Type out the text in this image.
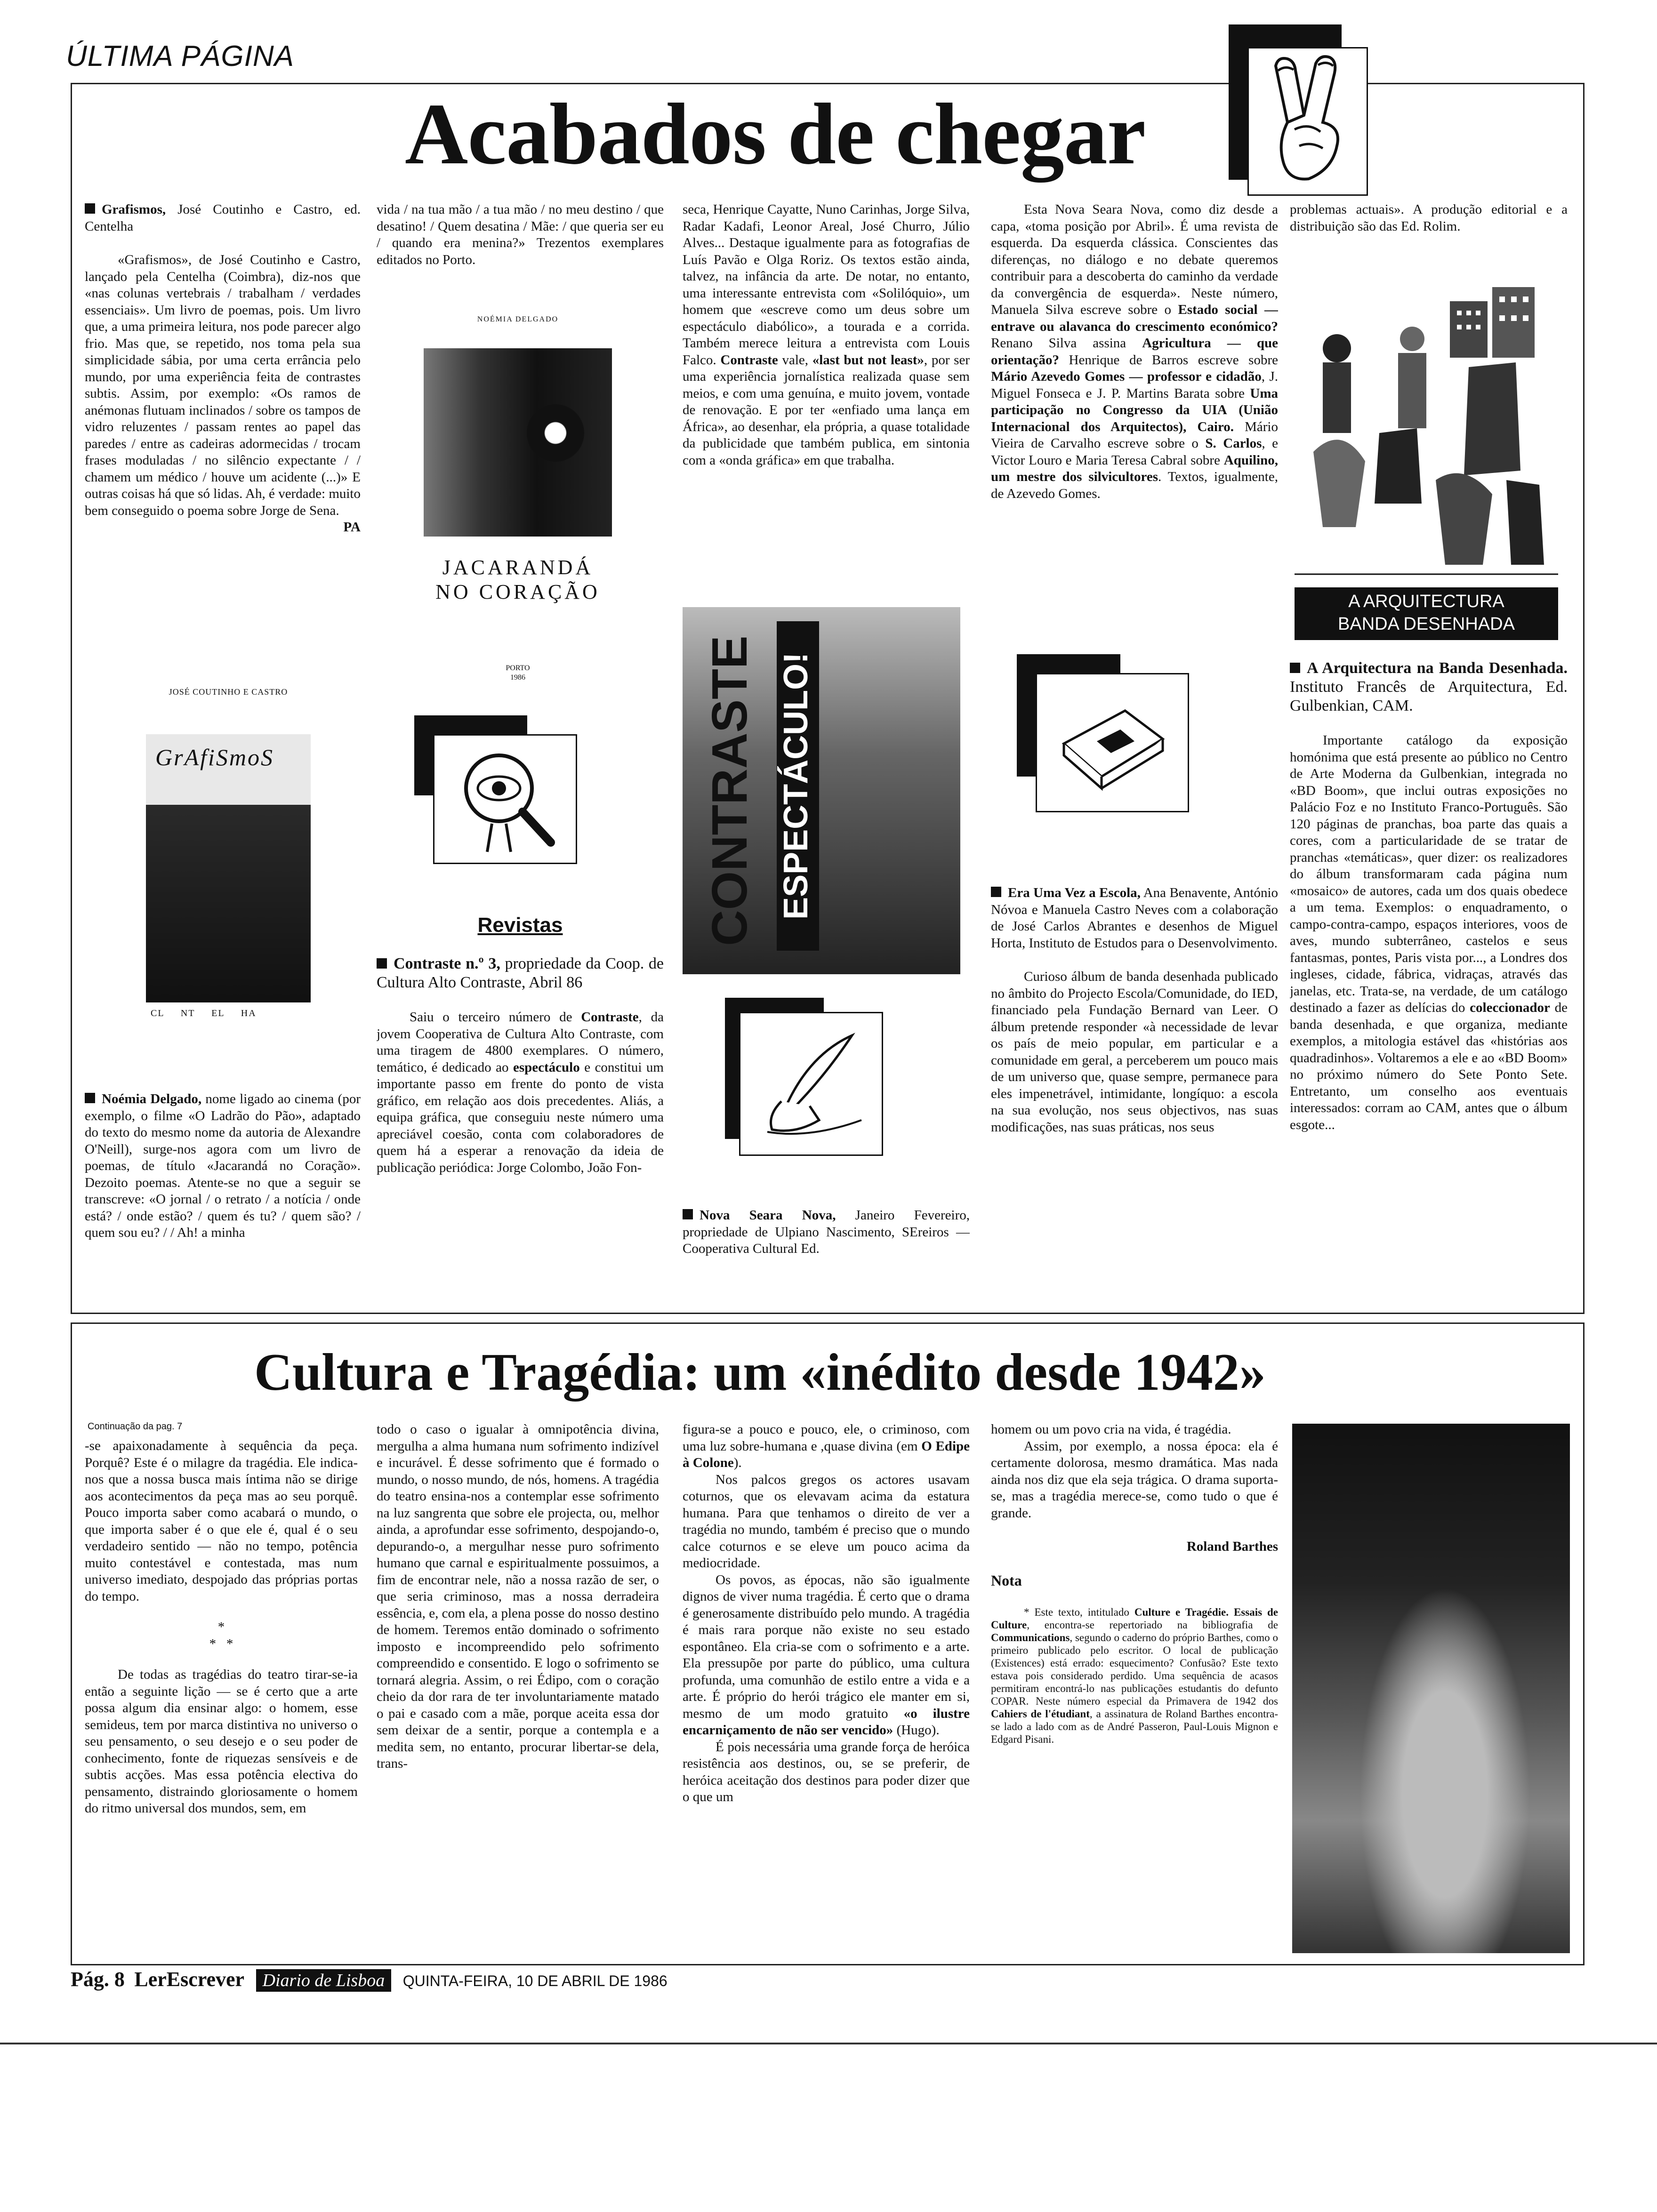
ÚLTIMA PÁGINA
Acabados de chegar

Grafismos, José Coutinho e Castro, ed. Centelha

«Grafismos», de José Coutinho e Castro, lançado pela Centelha (Coimbra), diz-nos que «nas colunas vertebrais / trabalham / verdades essenciais». Um livro de poemas, pois. Um livro que, a uma primeira leitura, nos pode parecer algo frio. Mas que, se repetido, nos toma pela sua simplicidade sábia, por uma certa errância pelo mundo, por uma experiência feita de contrastes subtis. Assim, por exemplo: «Os ramos de anémonas flutuam inclinados / sobre os tampos de vidro reluzentes / passam rentes ao papel das paredes / entre as cadeiras adormecidas / trocam frases moduladas / no silêncio expectante / / chamem um médico / houve um acidente (...)» E outras coisas há que só lidas. Ah, é verdade: muito bem conseguido o poema sobre Jorge de Sena.

PA

JOSÉ COUTINHO E CASTRO
GrAfiSmoS
CL     NT     EL     HA

Noémia Delgado, nome ligado ao cinema (por exemplo, o filme «O Ladrão do Pão», adaptado do texto do mesmo nome da autoria de Alexandre O'Neill), surge-nos agora com um livro de poemas, de título «Jacarandá no Coração». Dezoito poemas. Atente-se no que a seguir se transcreve: «O jornal / o retrato / a notícia / onde está? / onde estão? / quem és tu? / quem são? / quem sou eu? / / Ah! a minha

vida / na tua mão / a tua mão / no meu destino / que desatino! / Quem desatina / Mãe: / que queria ser eu / quando era menina?» Trezentos exemplares editados no Porto.

NOÉMIA DELGADO
JACARANDÁ
NO CORAÇÃO
PORTO
1986

Revistas

Contraste n.º 3, propriedade da Coop. de Cultura Alto Contraste, Abril 86

Saiu o terceiro número de Contraste, da jovem Cooperativa de Cultura Alto Contraste, com uma tiragem de 4800 exemplares. O número, temático, é dedicado ao espectáculo e constitui um importante passo em frente do ponto de vista gráfico, em relação aos dois precedentes. Aliás, a equipa gráfica, que conseguiu neste número uma apreciável coesão, conta com colaboradores de quem há a esperar a renovação da ideia de publicação periódica: Jorge Colombo, João Fon-

seca, Henrique Cayatte, Nuno Carinhas, Jorge Silva, Radar Kadafi, Leonor Areal, José Churro, Júlio Alves... Destaque igualmente para as fotografias de Luís Pavão e Olga Roriz. Os textos estão ainda, talvez, na infância da arte. De notar, no entanto, uma interessante entrevista com «Solilóquio», um homem que «escreve como um deus sobre um espectáculo diabólico», a tourada e a corrida. Também merece leitura a entrevista com Louis Falco. Contraste vale, «last but not least», por ser uma experiência jornalística realizada quase sem meios, e com uma genuína, e muito jovem, vontade de renovação. E por ter «enfiado uma lança em África», ao desenhar, ela própria, a quase totalidade da publicidade que também publica, em sintonia com a «onda gráfica» em que trabalha.

CONTRASTE ESPECTÁCULO!

Nova Seara Nova, Janeiro Fevereiro, propriedade de Ulpiano Nascimento, SEreiros — Cooperativa Cultural Ed.

Esta Nova Seara Nova, como diz desde a capa, «toma posição por Abril». É uma revista de esquerda. Da esquerda clássica. Conscientes das diferenças, no diálogo e no debate queremos contribuir para a descoberta do caminho da verdade da convergência de esquerda». Neste número, Manuela Silva escreve sobre o Estado social — entrave ou alavanca do crescimento económico? Renano Silva assina Agricultura — que orientação? Henrique de Barros escreve sobre Mário Azevedo Gomes — professor e cidadão, J. Miguel Fonseca e J. P. Martins Barata sobre Uma participação no Congresso da UIA (União Internacional dos Arquitectos), Cairo. Mário Vieira de Carvalho escreve sobre o S. Carlos, e Victor Louro e Maria Teresa Cabral sobre Aquilino, um mestre dos silvicultores. Textos, igualmente, de Azevedo Gomes.

Era Uma Vez a Escola, Ana Benavente, António Nóvoa e Manuela Castro Neves com a colaboração de José Carlos Abrantes e desenhos de Miguel Horta, Instituto de Estudos para o Desenvolvimento.

Curioso álbum de banda desenhada publicado no âmbito do Projecto Escola/Comunidade, do IED, financiado pela Fundação Bernard van Leer. O álbum pretende responder «à necessidade de levar os país de meio popular, em particular e a comunidade em geral, a perceberem um pouco mais de um universo que, quase sempre, permanece para eles impenetrável, intimidante, longíquo: a escola na sua evolução, nos seus objectivos, nas suas modificações, nas suas práticas, nos seus

problemas actuais». A produção editorial e a distribuição são das Ed. Rolim.

A ARQUITECTURA
BANDA DESENHADA

A Arquitectura na Banda Desenhada. Instituto Francês de Arquitectura, Ed. Gulbenkian, CAM.

Importante catálogo da exposição homónima que está presente ao público no Centro de Arte Moderna da Gulbenkian, integrada no «BD Boom», que inclui outras exposições no Palácio Foz e no Instituto Franco-Português. São 120 páginas de pranchas, boa parte das quais a cores, com a particularidade de se tratar de pranchas «temáticas», quer dizer: os realizadores do álbum transformaram cada página num «mosaico» de autores, cada um dos quais obedece a um tema. Exemplos: o enquadramento, o campo-contra-campo, espaços interiores, voos de aves, mundo subterrâneo, castelos e seus fantasmas, pontes, Paris vista por..., a Londres dos ingleses, cidade, fábrica, vidraças, através das janelas, etc. Trata-se, na verdade, de um catálogo destinado a fazer as delícias do coleccionador de banda desenhada, e que organiza, mediante exemplos, a mitologia estável das «histórias aos quadradinhos». Voltaremos a ele e ao «BD Boom» no próximo número do Sete Ponto Sete. Entretanto, um conselho aos eventuais interessados: corram ao CAM, antes que o álbum esgote...

Cultura e Tragédia: um «inédito desde 1942»
Continuação da pag. 7

-se apaixonadamente à sequência da peça. Porquê? Este é o milagre da tragédia. Ele indica-nos que a nossa busca mais íntima não se dirige aos acontecimentos da peça mas ao seu porquê. Pouco importa saber como acabará o mundo, o que importa saber é o que ele é, qual é o seu verdadeiro sentido — não no tempo, potência muito contestável e contestada, mas num universo imediato, despojado das próprias portas do tempo.

*
*   *

De todas as tragédias do teatro tirar-se-ia então a seguinte lição — se é certo que a arte possa algum dia ensinar algo: o homem, esse semideus, tem por marca distintiva no universo o seu pensamento, o seu desejo e o seu poder de conhecimento, fonte de riquezas sensíveis e de subtis acções. Mas essa potência electiva do pensamento, distraindo gloriosamente o homem do ritmo universal dos mundos, sem, em

todo o caso o igualar à omnipotência divina, mergulha a alma humana num sofrimento indizível e incurável. É desse sofrimento que é formado o mundo, o nosso mundo, de nós, homens. A tragédia do teatro ensina-nos a contemplar esse sofrimento na luz sangrenta que sobre ele projecta, ou, melhor ainda, a aprofundar esse sofrimento, despojando-o, depurando-o, a mergulhar nesse puro sofrimento humano que carnal e espiritualmente possuimos, a fim de encontrar nele, não a nossa razão de ser, o que seria criminoso, mas a nossa derradeira essência, e, com ela, a plena posse do nosso destino de homem. Teremos então dominado o sofrimento imposto e incompreendido pelo sofrimento compreendido e consentido. E logo o sofrimento se tornará alegria. Assim, o rei Édipo, com o coração cheio da dor rara de ter involuntariamente matado o pai e casado com a mãe, porque aceita essa dor sem deixar de a sentir, porque a contempla e a medita sem, no entanto, procurar libertar-se dela, trans-

figura-se a pouco e pouco, ele, o criminoso, com uma luz sobre-humana e ,quase divina (em O Edipe à Colone).

Nos palcos gregos os actores usavam coturnos, que os elevavam acima da estatura humana. Para que tenhamos o direito de ver a tragédia no mundo, também é preciso que o mundo calce coturnos e se eleve um pouco acima da mediocridade.

Os povos, as épocas, não são igualmente dignos de viver numa tragédia. É certo que o drama é generosamente distribuído pelo mundo. A tragédia é mais rara porque não existe no seu estado espontâneo. Ela cria-se com o sofrimento e a arte. Ela pressupõe por parte do público, uma cultura profunda, uma comunhão de estilo entre a vida e a arte. É próprio do herói trágico ele manter em si, mesmo de um modo gratuito «o ilustre encarniçamento de não ser vencido» (Hugo).

É pois necessária uma grande força de heróica resistência aos destinos, ou, se se preferir, de heróica aceitação dos destinos para poder dizer que o que um

homem ou um povo cria na vida, é tragédia.

Assim, por exemplo, a nossa época: ela é certamente dolorosa, mesmo dramática. Mas nada ainda nos diz que ela seja trágica. O drama suporta-se, mas a tragédia merece-se, como tudo o que é grande.

Roland Barthes

Nota

* Este texto, intitulado Culture e Tragédie. Essais de Culture, encontra-se repertoriado na bibliografia de Communications, segundo o caderno do próprio Barthes, como o primeiro publicado pelo escritor. O local de publicação (Existences) está errado: esquecimento? Confusão? Este texto estava pois considerado perdido. Uma sequência de acasos permitiram encontrá-lo nas publicações estudantis do defunto COPAR. Neste número especial da Primavera de 1942 dos Cahiers de l'étudiant, a assinatura de Roland Barthes encontra-se lado a lado com as de André Passeron, Paul-Louis Mignon e Edgard Pisani.

Pág. 8 LerEscrever Diario de Lisboa QUINTA-FEIRA, 10 DE ABRIL DE 1986
